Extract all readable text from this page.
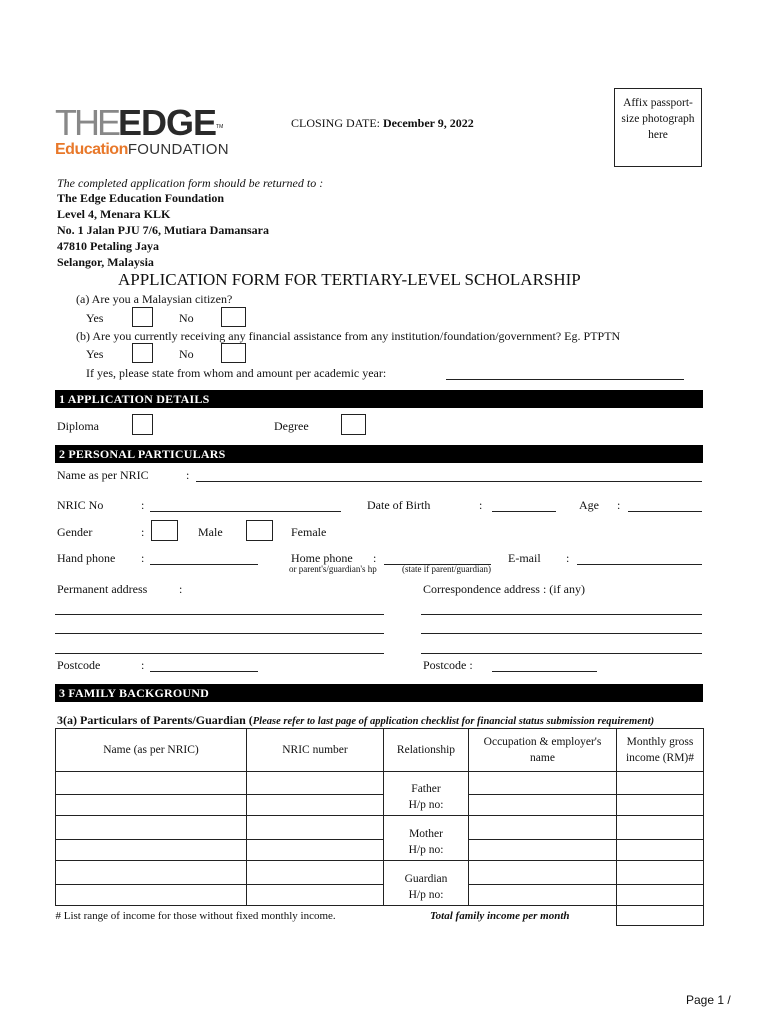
Affix passport-
size photograph
here
THEEDGE™
EducationFOUNDATION
CLOSING DATE: December 9, 2022
The completed application form should be returned to :
The Edge Education Foundation
Level 4, Menara KLK
No. 1 Jalan PJU 7/6, Mutiara Damansara
47810 Petaling Jaya
Selangor, Malaysia
APPLICATION FORM FOR TERTIARY-LEVEL SCHOLARSHIP
(a) Are you a Malaysian citizen?
Yes	No
(b) Are you currently receiving any financial assistance from any institution/foundation/government? Eg. PTPTN
Yes	No
If yes, please state from whom and amount per academic year:
1 APPLICATION DETAILS
Diploma	Degree
2 PERSONAL PARTICULARS
Name as per NRIC	:
NRIC No	:	Date of Birth	:	Age :
Gender	:	Male	Female
Hand phone :	Home phone :
or parent's/guardian's hp	(state if parent/guardian)
E-mail :
Permanent address	:	Correspondence address : (if any)
Postcode	:	Postcode :
3 FAMILY BACKGROUND
3(a) Particulars of Parents/Guardian (Please refer to last page of application checklist for financial status submission requirement)
Name (as per NRIC)	NRIC number	Relationship	Occupation & employer's name	Monthly gross income (RM)#
		Father		
		H/p no:		
		Mother		
		H/p no:		
		Guardian		
		H/p no:		
# List range of income for those without fixed monthly income.		Total family income per month		
Page 1 /
